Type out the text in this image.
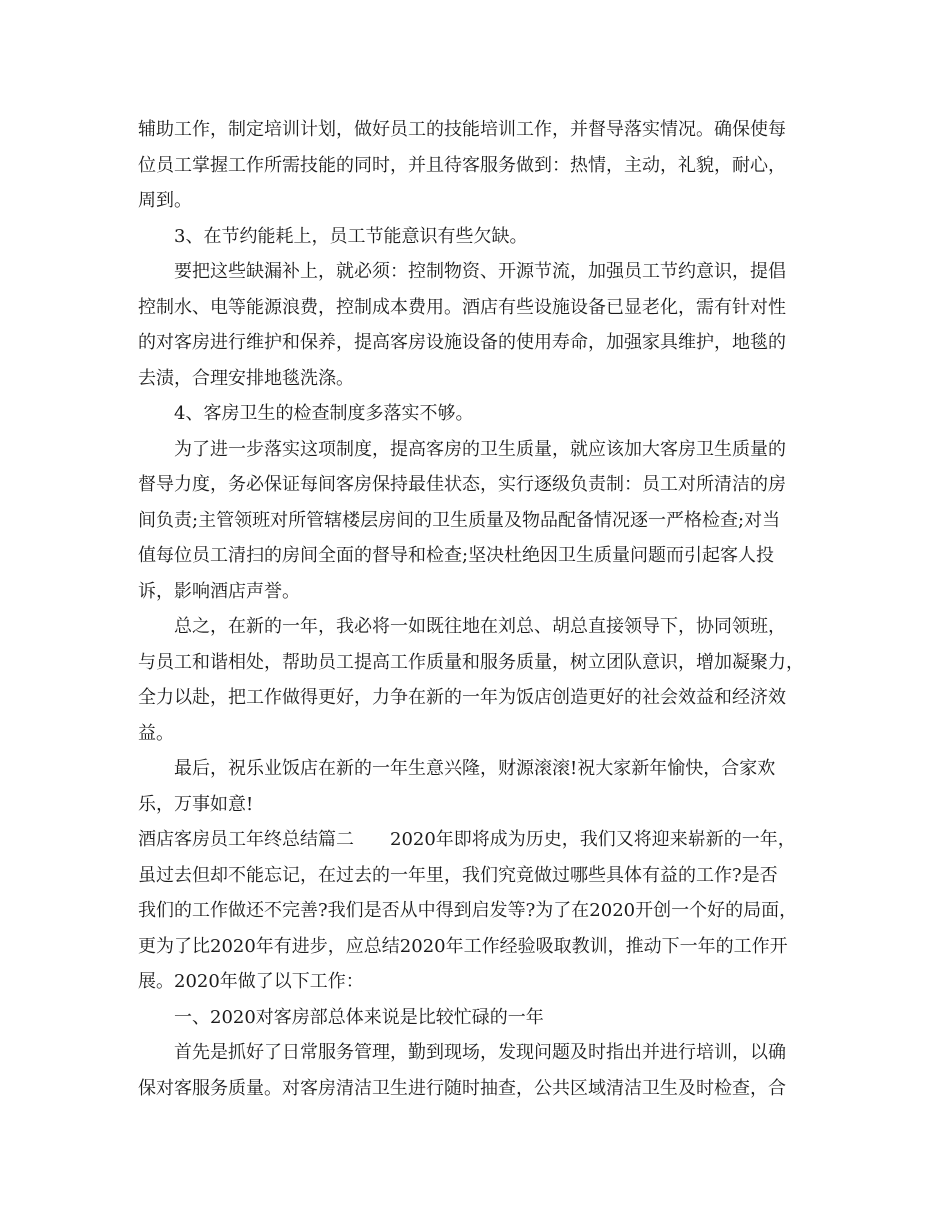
辅助工作，制定培训计划，做好员工的技能培训工作，并督导落实情况。确保使每
位员工掌握工作所需技能的同时，并且待客服务做到：热情，主动，礼貌，耐心，
周到。
3、在节约能耗上，员工节能意识有些欠缺。
要把这些缺漏补上，就必须：控制物资、开源节流，加强员工节约意识，提倡
控制水、电等能源浪费，控制成本费用。酒店有些设施设备已显老化，需有针对性
的对客房进行维护和保养，提高客房设施设备的使用寿命，加强家具维护，地毯的
去渍，合理安排地毯洗涤。
4、客房卫生的检查制度多落实不够。
为了进一步落实这项制度，提高客房的卫生质量，就应该加大客房卫生质量的
督导力度，务必保证每间客房保持最佳状态，实行逐级负责制：员工对所清洁的房
间负责;主管领班对所管辖楼层房间的卫生质量及物品配备情况逐一严格检查;对当
值每位员工清扫的房间全面的督导和检查;坚决杜绝因卫生质量问题而引起客人投
诉，影响酒店声誉。
总之，在新的一年，我必将一如既往地在刘总、胡总直接领导下，协同领班，
与员工和谐相处，帮助员工提高工作质量和服务质量，树立团队意识，增加凝聚力，
全力以赴，把工作做得更好，力争在新的一年为饭店创造更好的社会效益和经济效
益。
最后，祝乐业饭店在新的一年生意兴隆，财源滚滚!祝大家新年愉快，合家欢
乐，万事如意!
酒店客房员工年终总结篇二　　2020年即将成为历史，我们又将迎来崭新的一年，
虽过去但却不能忘记，在过去的一年里，我们究竟做过哪些具体有益的工作?是否
我们的工作做还不完善?我们是否从中得到启发等?为了在2020开创一个好的局面，
更为了比2020年有进步，应总结2020年工作经验吸取教训，推动下一年的工作开
展。2020年做了以下工作：
一、2020对客房部总体来说是比较忙碌的一年
首先是抓好了日常服务管理，勤到现场，发现问题及时指出并进行培训，以确
保对客服务质量。对客房清洁卫生进行随时抽查，公共区域清洁卫生及时检查，合
